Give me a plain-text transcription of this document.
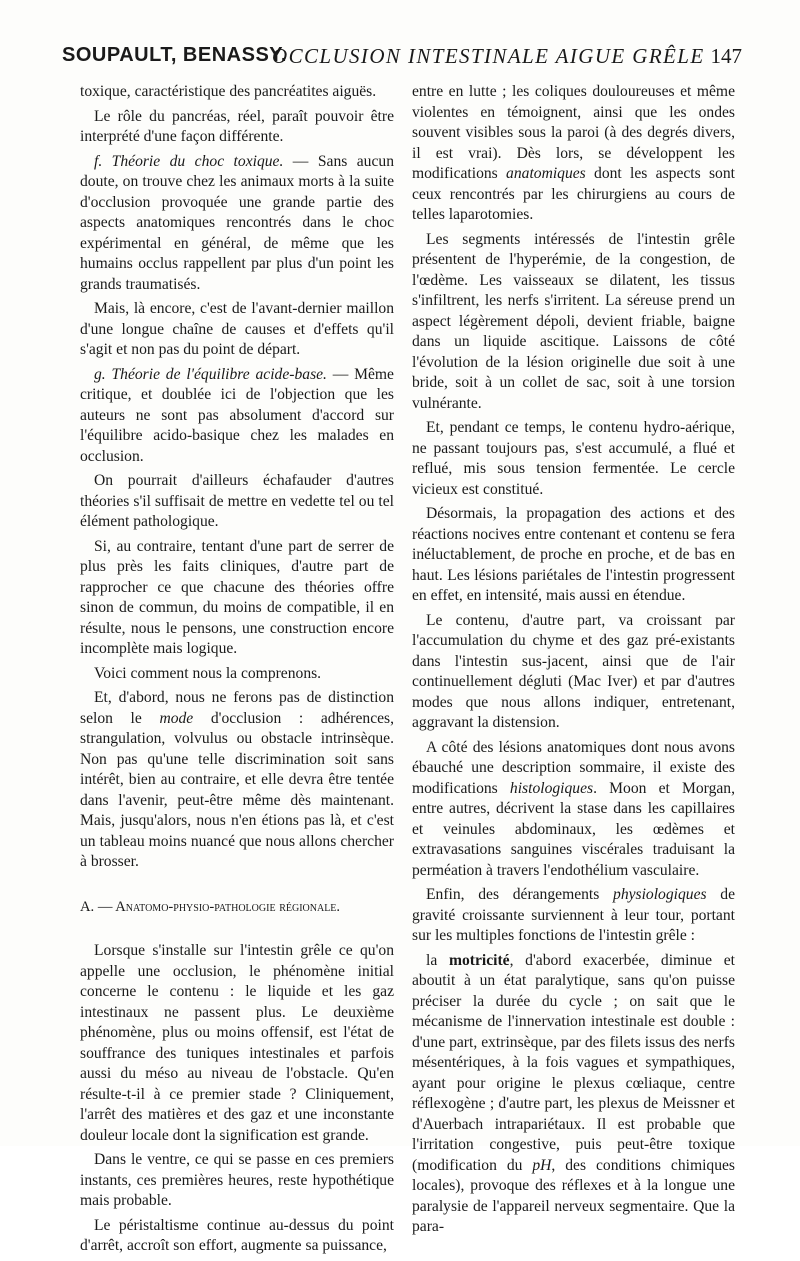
SOUPAULT, BENASSY.
OCCLUSION INTESTINALE AIGUE GRÊLE 147

toxique, caractéristique des pancréatites aiguës.

Le rôle du pancréas, réel, paraît pouvoir être interprété d'une façon différente.

f. Théorie du choc toxique. — Sans aucun doute, on trouve chez les animaux morts à la suite d'occlusion provoquée une grande partie des aspects anatomiques rencontrés dans le choc expérimental en général, de même que les humains occlus rappellent par plus d'un point les grands traumatisés.

Mais, là encore, c'est de l'avant-dernier maillon d'une longue chaîne de causes et d'effets qu'il s'agit et non pas du point de départ.

g. Théorie de l'équilibre acide-base. — Même critique, et doublée ici de l'objection que les auteurs ne sont pas absolument d'accord sur l'équilibre acido-basique chez les malades en occlusion.

On pourrait d'ailleurs échafauder d'autres théories s'il suffisait de mettre en vedette tel ou tel élément pathologique.

Si, au contraire, tentant d'une part de serrer de plus près les faits cliniques, d'autre part de rapprocher ce que chacune des théories offre sinon de commun, du moins de compatible, il en résulte, nous le pensons, une construction encore incomplète mais logique.

Voici comment nous la comprenons.

Et, d'abord, nous ne ferons pas de distinction selon le mode d'occlusion : adhérences, strangulation, volvulus ou obstacle intrinsèque. Non pas qu'une telle discrimination soit sans intérêt, bien au contraire, et elle devra être tentée dans l'avenir, peut-être même dès maintenant. Mais, jusqu'alors, nous n'en étions pas là, et c'est un tableau moins nuancé que nous allons chercher à brosser.

A. — Anatomo-physio-pathologie régionale.

Lorsque s'installe sur l'intestin grêle ce qu'on appelle une occlusion, le phénomène initial concerne le contenu : le liquide et les gaz intestinaux ne passent plus. Le deuxième phénomène, plus ou moins offensif, est l'état de souffrance des tuniques intestinales et parfois aussi du méso au niveau de l'obstacle. Qu'en résulte-t-il à ce premier stade ? Cliniquement, l'arrêt des matières et des gaz et une inconstante douleur locale dont la signification est grande.

Dans le ventre, ce qui se passe en ces premiers instants, ces premières heures, reste hypothétique mais probable.

Le péristaltisme continue au-dessus du point d'arrêt, accroît son effort, augmente sa puissance,

entre en lutte ; les coliques douloureuses et même violentes en témoignent, ainsi que les ondes souvent visibles sous la paroi (à des degrés divers, il est vrai). Dès lors, se développent les modifications anatomiques dont les aspects sont ceux rencontrés par les chirurgiens au cours de telles laparotomies.

Les segments intéressés de l'intestin grêle présentent de l'hyperémie, de la congestion, de l'œdème. Les vaisseaux se dilatent, les tissus s'infiltrent, les nerfs s'irritent. La séreuse prend un aspect légèrement dépoli, devient friable, baigne dans un liquide ascitique. Laissons de côté l'évolution de la lésion originelle due soit à une bride, soit à un collet de sac, soit à une torsion vulnérante.

Et, pendant ce temps, le contenu hydro-aérique, ne passant toujours pas, s'est accumulé, a flué et reflué, mis sous tension fermentée. Le cercle vicieux est constitué.

Désormais, la propagation des actions et des réactions nocives entre contenant et contenu se fera inéluctablement, de proche en proche, et de bas en haut. Les lésions pariétales de l'intestin progressent en effet, en intensité, mais aussi en étendue.

Le contenu, d'autre part, va croissant par l'accumulation du chyme et des gaz pré-existants dans l'intestin sus-jacent, ainsi que de l'air continuellement dégluti (Mac Iver) et par d'autres modes que nous allons indiquer, entretenant, aggravant la distension.

A côté des lésions anatomiques dont nous avons ébauché une description sommaire, il existe des modifications histologiques. Moon et Morgan, entre autres, décrivent la stase dans les capillaires et veinules abdominaux, les œdèmes et extravasations sanguines viscérales traduisant la perméation à travers l'endothélium vasculaire.

Enfin, des dérangements physiologiques de gravité croissante surviennent à leur tour, portant sur les multiples fonctions de l'intestin grêle :

la motricité, d'abord exacerbée, diminue et aboutit à un état paralytique, sans qu'on puisse préciser la durée du cycle ; on sait que le mécanisme de l'innervation intestinale est double : d'une part, extrinsèque, par des filets issus des nerfs mésentériques, à la fois vagues et sympathiques, ayant pour origine le plexus cœliaque, centre réflexogène ; d'autre part, les plexus de Meissner et d'Auerbach intrapariétaux. Il est probable que l'irritation congestive, puis peut-être toxique (modification du pH, des conditions chimiques locales), provoque des réflexes et à la longue une paralysie de l'appareil nerveux segmentaire. Que la para-
